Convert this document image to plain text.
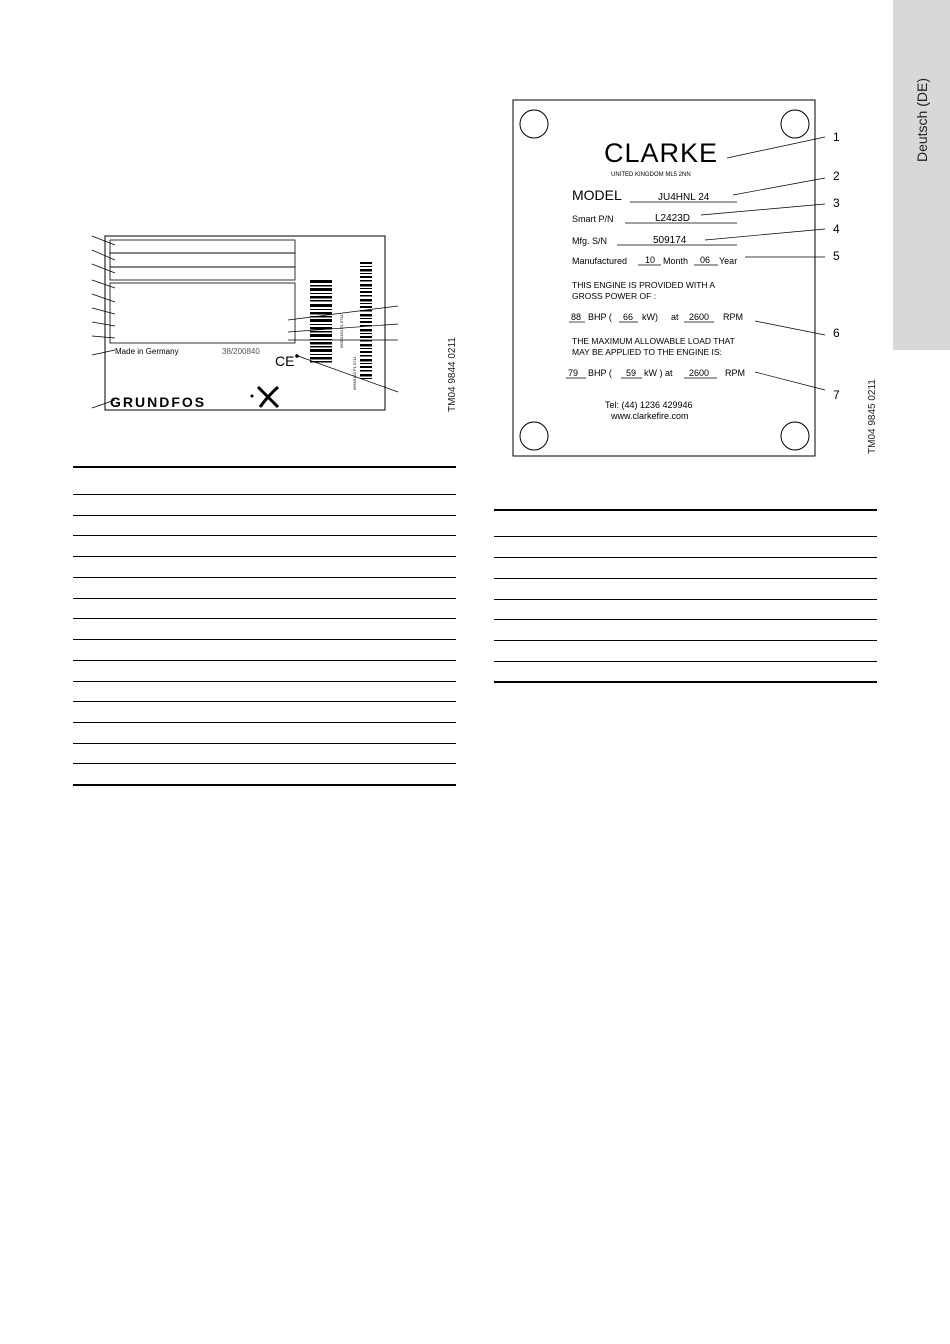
Deutsch (DE)
Made in Germany	38/200840
CE
GRUNDFOS
96550150 P1 0711
96550150 P1 0711	TM04 9844 0211
CLARKE
UNITED KINGDOM ML5 2NN
MODEL	JU4HNL 24
Smart P/N	L2423D
Mfg. S/N	509174
Manufactured 10 Month 06 Year
THIS ENGINE IS PROVIDED WITH A
GROSS POWER OF :
88 BHP ( 66 kW) at 2600 RPM
THE MAXIMUM ALLOWABLE LOAD THAT
MAY BE APPLIED TO THE ENGINE IS:
79 BHP ( 59 kW ) at 2600 RPM
Tel: (44) 1236 429946
www.clarkefire.com
1
2
3
4
5
6
7	TM04 9845 0211
